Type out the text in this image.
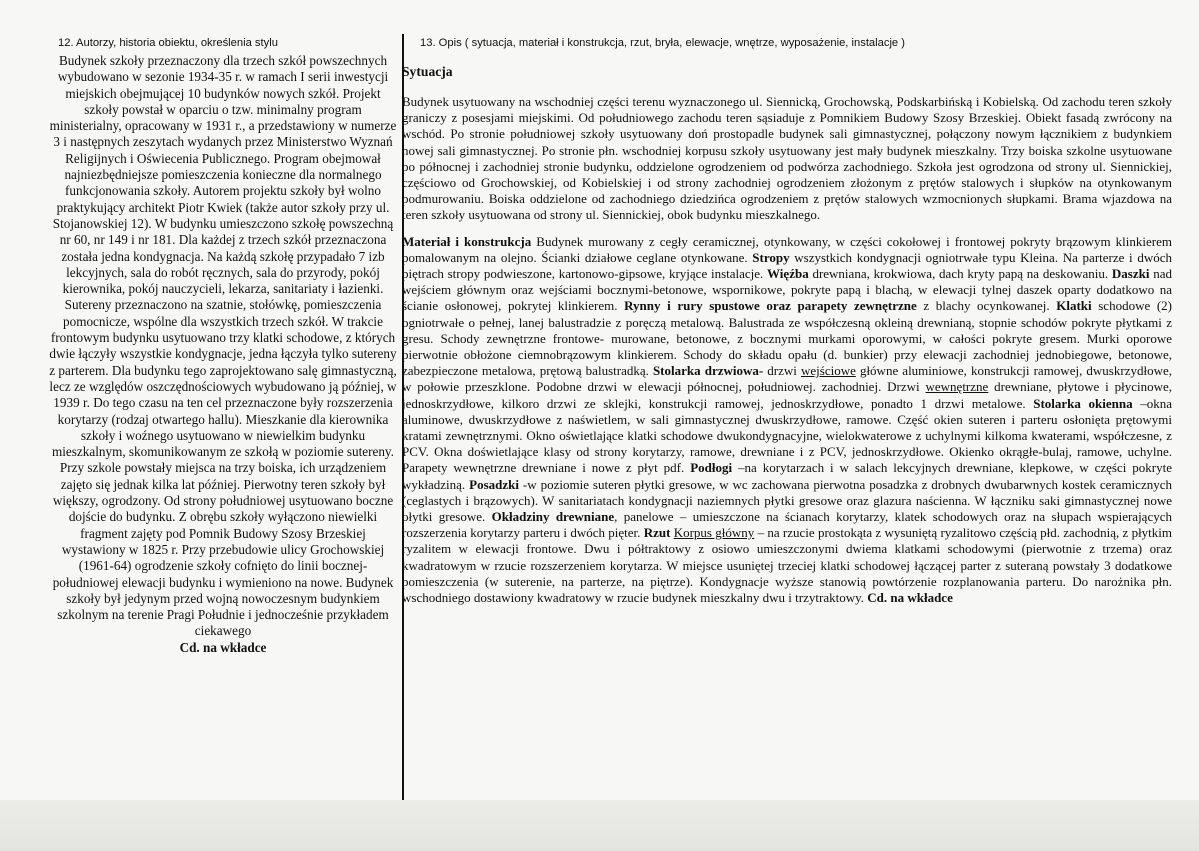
12. Autorzy, historia obiektu, określenia stylu

Budynek szkoły przeznaczony dla trzech szkół powszechnych wybudowano w sezonie 1934-35 r. w ramach I serii inwestycji miejskich obejmującej 10 budynków nowych szkół. Projekt szkoły powstał w oparciu o tzw. minimalny program ministerialny, opracowany w 1931 r., a przedstawiony w numerze 3 i następnych zeszytach wydanych przez Ministerstwo Wyznań Religijnych i Oświecenia Publicznego. Program obejmował najniezbędniejsze pomieszczenia konieczne dla normalnego funkcjonowania szkoły. Autorem projektu szkoły był wolno praktykujący architekt Piotr Kwiek (także autor szkoły przy ul. Stojanowskiej 12). W budynku umieszczono szkołę powszechną nr 60, nr 149 i nr 181. Dla każdej z trzech szkół przeznaczona została jedna kondygnacja. Na każdą szkołę przypadało 7 izb lekcyjnych, sala do robót ręcznych, sala do przyrody, pokój kierownika, pokój nauczycieli, lekarza, sanitariaty i łazienki. Sutereny przeznaczono na szatnie, stołówkę, pomieszczenia pomocnicze, wspólne dla wszystkich trzech szkół. W trakcie frontowym budynku usytuowano trzy klatki schodowe, z których dwie łączyły wszystkie kondygnacje, jedna łączyła tylko sutereny z parterem. Dla budynku tego zaprojektowano salę gimnastyczną, lecz ze względów oszczędnościowych wybudowano ją później, w 1939 r. Do tego czasu na ten cel przeznaczone były rozszerzenia korytarzy (rodzaj otwartego hallu). Mieszkanie dla kierownika szkoły i woźnego usytuowano w niewielkim budynku mieszkalnym, skomunikowanym ze szkołą w poziomie sutereny. Przy szkole powstały miejsca na trzy boiska, ich urządzeniem zajęto się jednak kilka lat później. Pierwotny teren szkoły był większy, ogrodzony. Od strony południowej usytuowano boczne dojście do budynku. Z obrębu szkoły wyłączono niewielki fragment zajęty pod Pomnik Budowy Szosy Brzeskiej wystawiony w 1825 r. Przy przebudowie ulicy Grochowskiej (1961-64) ogrodzenie szkoły cofnięto do linii bocznej-południowej elewacji budynku i wymieniono na nowe. Budynek szkoły był jedynym przed wojną nowoczesnym budynkiem szkolnym na terenie Pragi Południe i jednocześnie przykładem ciekawego

Cd. na wkładce

13. Opis ( sytuacja, materiał i konstrukcja, rzut, bryła, elewacje, wnętrze, wyposażenie, instalacje )

Sytuacja

Budynek usytuowany na wschodniej części terenu wyznaczonego ul. Siennicką, Grochowską, Podskarbińską i Kobielską. Od zachodu teren szkoły graniczy z posesjami miejskimi. Od południowego zachodu teren sąsiaduje z Pomnikiem Budowy Szosy Brzeskiej. Obiekt fasadą zwrócony na wschód. Po stronie południowej szkoły usytuowany doń prostopadle budynek sali gimnastycznej, połączony nowym łącznikiem z budynkiem nowej sali gimnastycznej. Po stronie płn. wschodniej korpusu szkoły usytuowany jest mały budynek mieszkalny. Trzy boiska szkolne usytuowane po północnej i zachodniej stronie budynku, oddzielone ogrodzeniem od podwórza zachodniego. Szkoła jest ogrodzona od strony ul. Siennickiej, częściowo od Grochowskiej, od Kobielskiej i od strony zachodniej ogrodzeniem złożonym z prętów stalowych i słupków na otynkowanym podmurowaniu. Boiska oddzielone od zachodniego dziedzińca ogrodzeniem z prętów stalowych wzmocnionych słupkami. Brama wjazdowa na teren szkoły usytuowana od strony ul. Siennickiej, obok budynku mieszkalnego.

Materiał i konstrukcja Budynek murowany z cegły ceramicznej, otynkowany, w części cokołowej i frontowej pokryty brązowym klinkierem pomalowanym na olejno. Ścianki działowe ceglane otynkowane. Stropy wszystkich kondygnacji ogniotrwałe typu Kleina. Na parterze i dwóch piętrach stropy podwieszone, kartonowo-gipsowe, kryjące instalacje. Więźba drewniana, krokwiowa, dach kryty papą na deskowaniu. Daszki nad wejściem głównym oraz wejściami bocznymi-betonowe, wspornikowe, pokryte papą i blachą, w elewacji tylnej daszek oparty dodatkowo na ścianie osłonowej, pokrytej klinkierem. Rynny i rury spustowe oraz parapety zewnętrzne z blachy ocynkowanej. Klatki schodowe (2) ogniotrwałe o pełnej, lanej balustradzie z poręczą metalową. Balustrada ze współczesną okleiną drewnianą, stopnie schodów pokryte płytkami z gresu. Schody zewnętrzne frontowe- murowane, betonowe, z bocznymi murkami oporowymi, w całości pokryte gresem. Murki oporowe pierwotnie obłożone ciemnobrązowym klinkierem. Schody do składu opału (d. bunkier) przy elewacji zachodniej jednobiegowe, betonowe, zabezpieczone metalowa, prętową balustradką. Stolarka drzwiowa- drzwi wejściowe główne aluminiowe, konstrukcji ramowej, dwuskrzydłowe, w połowie przeszklone. Podobne drzwi w elewacji północnej, południowej. zachodniej. Drzwi wewnętrzne drewniane, płytowe i płycinowe, jednoskrzydłowe, kilkoro drzwi ze sklejki, konstrukcji ramowej, jednoskrzydłowe, ponadto 1 drzwi metalowe. Stolarka okienna –okna aluminowe, dwuskrzydłowe z naświetlem, w sali gimnastycznej dwuskrzydłowe, ramowe. Część okien suteren i parteru osłonięta prętowymi kratami zewnętrznymi. Okno oświetlające klatki schodowe dwukondygnacyjne, wielokwaterowe z uchylnymi kilkoma kwaterami, współczesne, z PCV. Okna doświetlające klasy od strony korytarzy, ramowe, drewniane i z PCV, jednoskrzydłowe. Okienko okrągłe-bulaj, ramowe, uchylne. Parapety wewnętrzne drewniane i nowe z płyt pdf. Podłogi –na korytarzach i w salach lekcyjnych drewniane, klepkowe, w części pokryte wykładziną. Posadzki -w poziomie suteren płytki gresowe, w wc zachowana pierwotna posadzka z drobnych dwubarwnych kostek ceramicznych (ceglastych i brązowych). W sanitariatach kondygnacji naziemnych płytki gresowe oraz glazura naścienna. W łączniku saki gimnastycznej nowe ołytki gresowe. Okładziny drewniane, panelowe – umieszczone na ścianach korytarzy, klatek schodowych oraz na słupach wspierających rozszerzenia korytarzy parteru i dwóch pięter. Rzut Korpus główny – na rzucie prostokąta z wysuniętą ryzalitowo częścią płd. zachodnią, z płytkim ryzalitem w elewacji frontowe. Dwu i półtraktowy z osiowo umieszczonymi dwiema klatkami schodowymi (pierwotnie z trzema) oraz kwadratowym w rzucie rozszerzeniem korytarza. W miejsce usuniętej trzeciej klatki schodowej łączącej parter z suteraną powstały 3 dodatkowe pomieszczenia (w suterenie, na parterze, na piętrze). Kondygnacje wyższe stanowią powtórzenie rozplanowania parteru. Do narożnika płn. wschodniego dostawiony kwadratowy w rzucie budynek mieszkalny dwu i trzytraktowy. Cd. na wkładce
